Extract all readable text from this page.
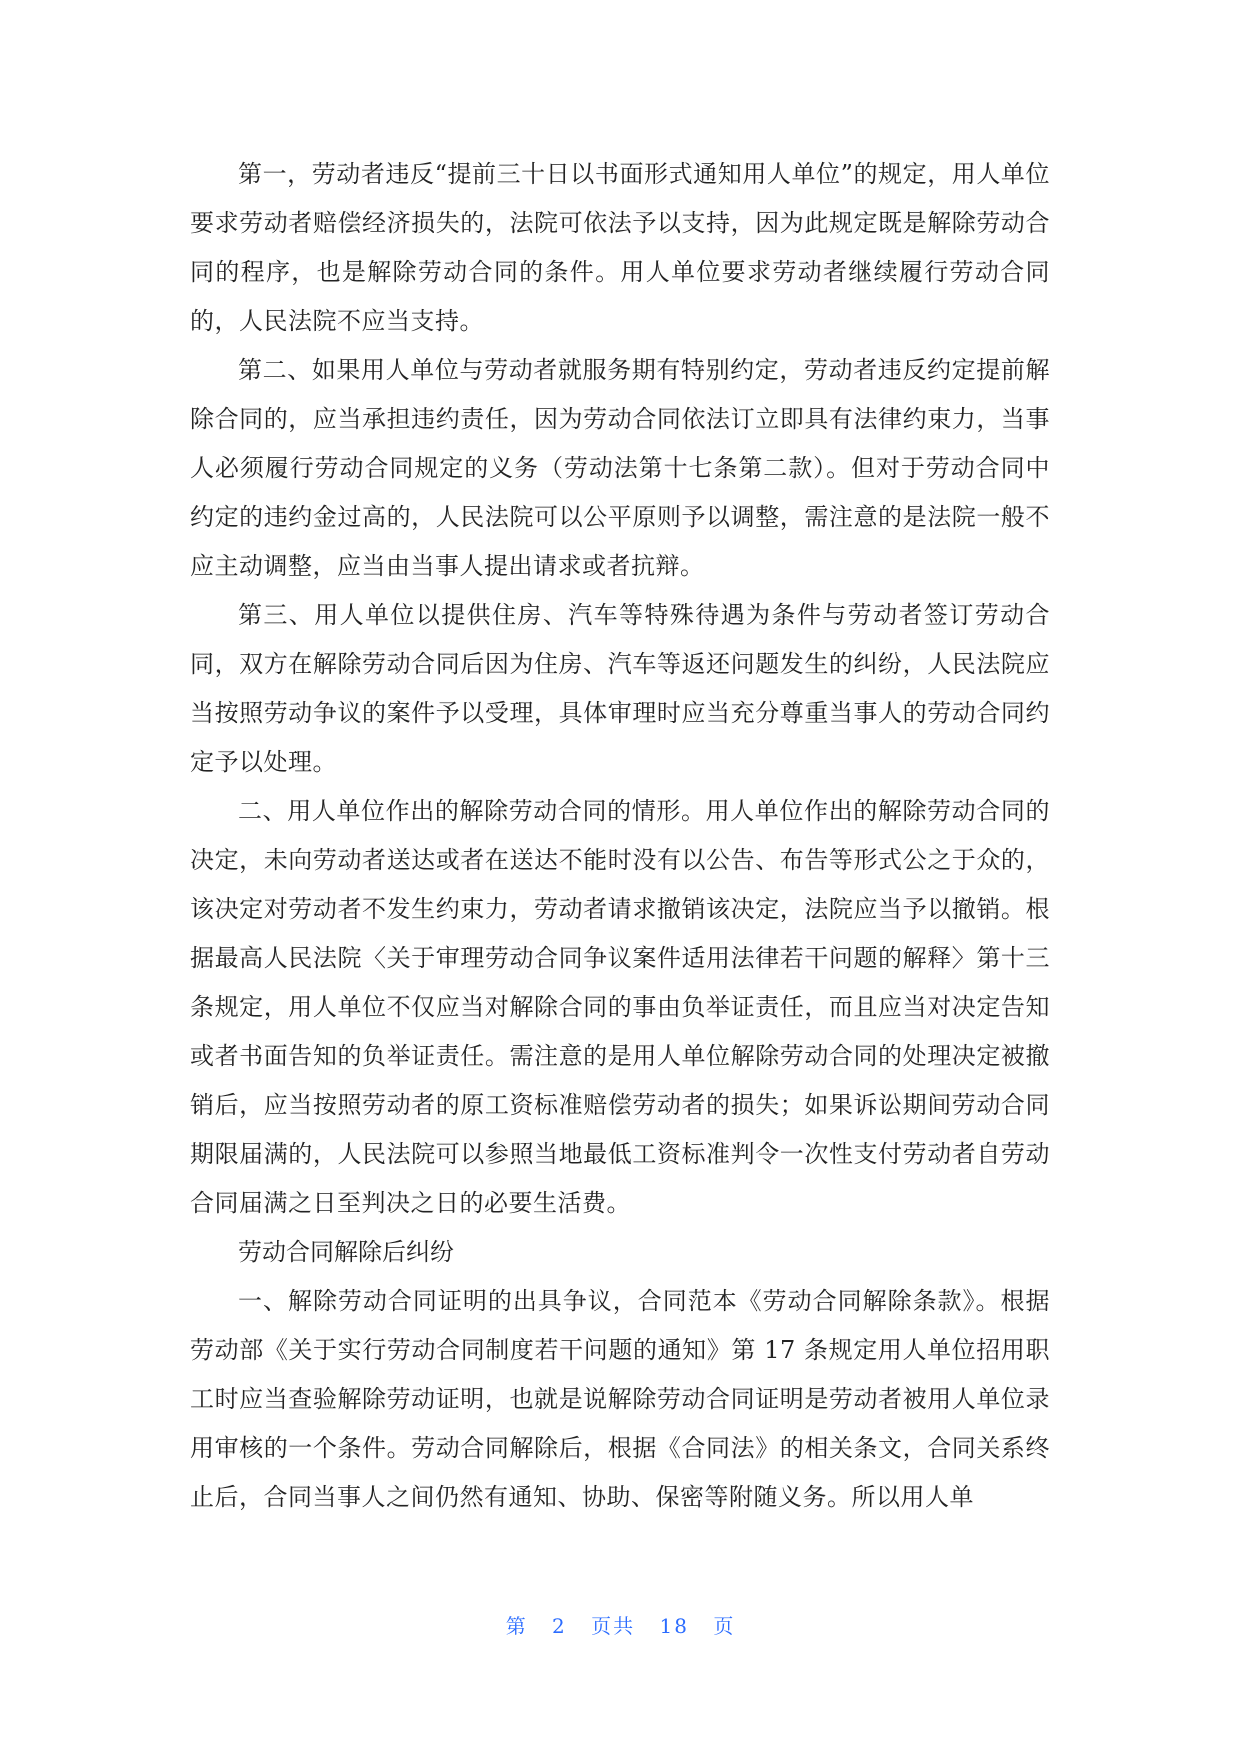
第一，劳动者违反“提前三十日以书面形式通知用人单位”的规定，用人单位要求劳动者赔偿经济损失的，法院可依法予以支持，因为此规定既是解除劳动合同的程序，也是解除劳动合同的条件。用人单位要求劳动者继续履行劳动合同的，人民法院不应当支持。

第二、如果用人单位与劳动者就服务期有特别约定，劳动者违反约定提前解除合同的，应当承担违约责任，因为劳动合同依法订立即具有法律约束力，当事人必须履行劳动合同规定的义务（劳动法第十七条第二款）。但对于劳动合同中约定的违约金过高的，人民法院可以公平原则予以调整，需注意的是法院一般不应主动调整，应当由当事人提出请求或者抗辩。

第三、用人单位以提供住房、汽车等特殊待遇为条件与劳动者签订劳动合同，双方在解除劳动合同后因为住房、汽车等返还问题发生的纠纷，人民法院应当按照劳动争议的案件予以受理，具体审理时应当充分尊重当事人的劳动合同约定予以处理。

二、用人单位作出的解除劳动合同的情形。用人单位作出的解除劳动合同的决定，未向劳动者送达或者在送达不能时没有以公告、布告等形式公之于众的，该决定对劳动者不发生约束力，劳动者请求撤销该决定，法院应当予以撤销。根据最高人民法院〈关于审理劳动合同争议案件适用法律若干问题的解释〉第十三条规定，用人单位不仅应当对解除合同的事由负举证责任，而且应当对决定告知或者书面告知的负举证责任。需注意的是用人单位解除劳动合同的处理决定被撤销后，应当按照劳动者的原工资标准赔偿劳动者的损失；如果诉讼期间劳动合同期限届满的，人民法院可以参照当地最低工资标准判令一次性支付劳动者自劳动合同届满之日至判决之日的必要生活费。

劳动合同解除后纠纷

一、解除劳动合同证明的出具争议，合同范本《劳动合同解除条款》。根据劳动部《关于实行劳动合同制度若干问题的通知》第 17 条规定用人单位招用职工时应当查验解除劳动证明，也就是说解除劳动合同证明是劳动者被用人单位录用审核的一个条件。劳动合同解除后，根据《合同法》的相关条文，合同关系终止后，合同当事人之间仍然有通知、协助、保密等附随义务。所以用人单

第 2 页共 18 页
